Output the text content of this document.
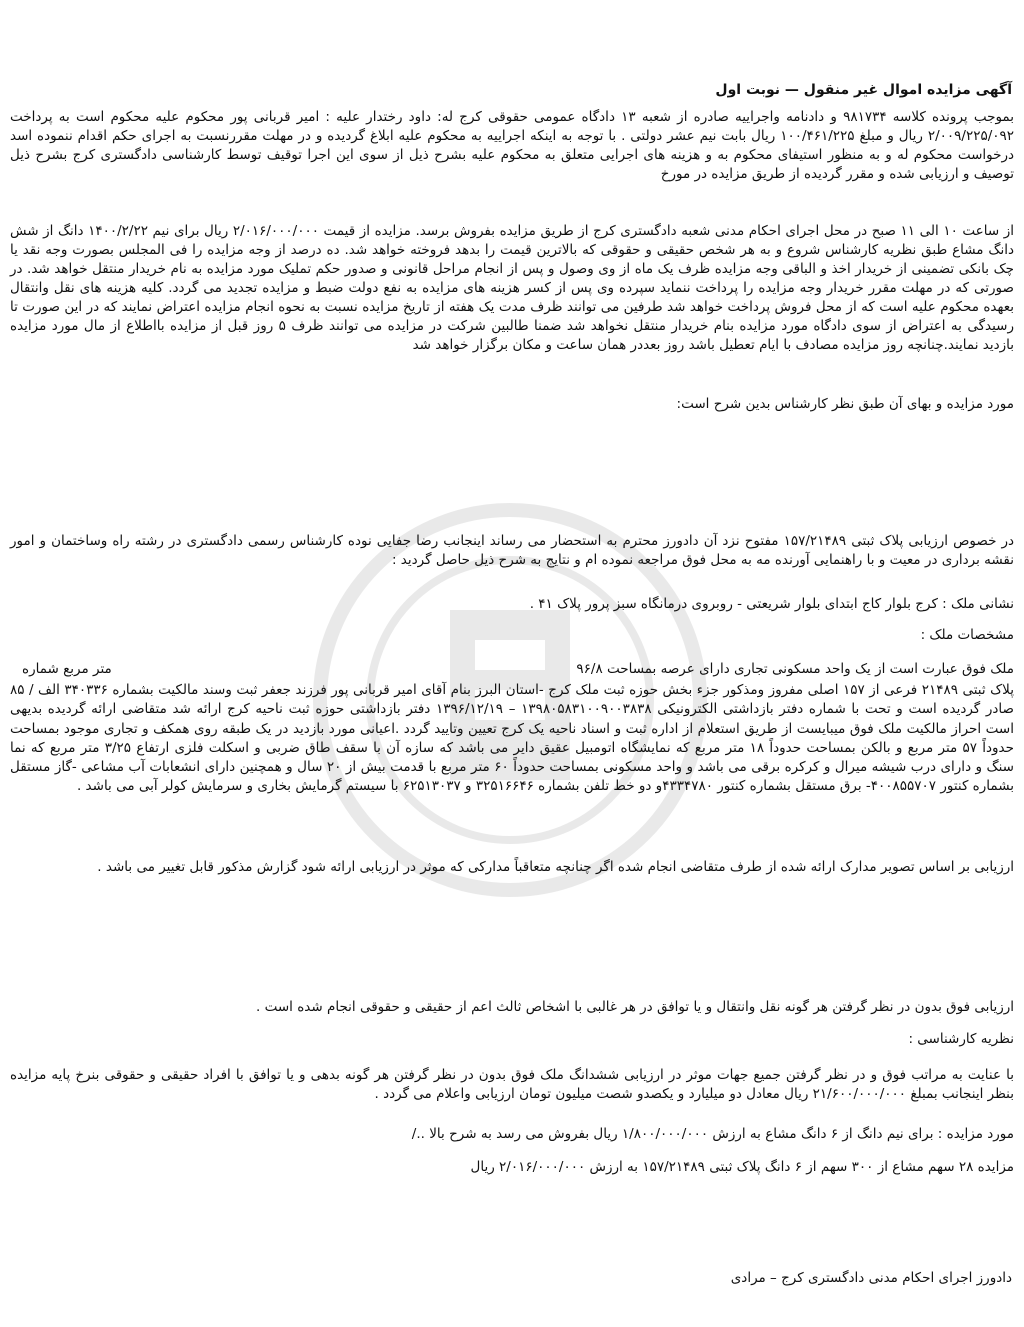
آگهی مزایده اموال غیر منقول — نوبت اول

بموجب پرونده کلاسه ۹۸۱۷۳۴ و دادنامه واجراییه صادره از شعبه ۱۳ دادگاه عمومی حقوقی کرج له: داود رختدار علیه : امیر قربانی پور محکوم علیه محکوم است به پرداخت ۲/۰۰۹/۲۲۵/۰۹۲ ریال و مبلغ ۱۰۰/۴۶۱/۲۲۵ ریال بابت نیم عشر دولتی . با توجه به اینکه اجراییه به محکوم علیه ابلاغ گردیده و در مهلت مقررنسبت به اجرای حکم اقدام ننموده اسد درخواست محکوم له و به منظور استیفای محکوم به و هزینه های اجرایی متعلق به محکوم علیه بشرح ذیل از سوی این اجرا توقیف توسط کارشناسی دادگستری کرج بشرح ذیل توصیف و ارزیابی شده و مقرر گردیده از طریق مزایده در مورخ

از ساعت ۱۰ الی ۱۱ صبح در محل اجرای احکام مدنی شعبه دادگستری کرج از طریق مزایده بفروش برسد. مزایده از قیمت ۲/۰۱۶/۰۰۰/۰۰۰ ریال برای نیم ۱۴۰۰/۲/۲۲ دانگ از شش دانگ مشاع طبق نظریه کارشناس شروع و به هر شخص حقیقی و حقوقی که بالاترین قیمت را بدهد فروخته خواهد شد. ده درصد از وجه مزایده را فی المجلس بصورت وجه نقد یا چک بانکی تضمینی از خریدار اخذ و الباقی وجه مزایده ظرف یک ماه از وی وصول و پس از انجام مراحل قانونی و صدور حکم تملیک مورد مزایده به نام خریدار منتقل خواهد شد. در صورتی که در مهلت مقرر خریدار وجه مزایده را پرداخت ننماید سپرده وی پس از کسر هزینه های مزایده به نفع دولت ضبط و مزایده تجدید می گردد. کلیه هزینه های نقل وانتقال بعهده محکوم علیه است که از محل فروش پرداخت خواهد شد طرفین می توانند ظرف مدت یک هفته از تاریخ مزایده نسبت به نحوه انجام مزایده اعتراض نمایند که در این صورت تا رسیدگی به اعتراض از سوی دادگاه مورد مزایده بنام خریدار منتقل نخواهد شد ضمنا طالبین شرکت در مزایده می توانند ظرف ۵ روز قبل از مزایده بااطلاع از مال مورد مزایده بازدید نمایند.چنانچه روز مزایده مصادف با ایام تعطیل باشد روز بعددر همان ساعت و مکان برگزار خواهد شد

مورد مزایده و بهای آن طبق نظر کارشناس بدین شرح است:

در خصوص ارزیابی پلاک ثبتی ۱۵۷/۲۱۴۸۹ مفتوح نزد آن دادورز محترم به استحضار می رساند اینجانب رضا جفایی نوده کارشناس رسمی دادگستری در رشته راه وساختمان و امور نقشه برداری در معیت و با راهنمایی آورنده مه به محل فوق مراجعه نموده ام و نتایج به شرح ذیل حاصل گردید :

نشانی ملک : کرج بلوار کاج ابتدای بلوار شریعتی - روبروی درمانگاه سبز پرور پلاک ۴۱ .

مشخصات ملک :

ملک فوق عبارت است از یک واحد مسکونی تجاری دارای عرصه بمساحت ۹۶/۸
متر مربع شماره

پلاک ثبتی ۲۱۴۸۹ فرعی از ۱۵۷ اصلی مفروز ومذکور جزء بخش حوزه ثبت ملک کرج -استان البرز بنام آقای امیر قربانی پور فرزند جعفر ثبت وسند مالکیت بشماره ۳۴۰۳۳۶ الف / ۸۵ صادر گردیده است و تحت با شماره دفتر بازداشتی الکترونیکی ۱۳۹۸۰۵۸۳۱۰۰۹۰۰۳۸۳۸ – ۱۳۹۶/۱۲/۱۹ دفتر بازداشتی حوزه ثبت ناحیه کرج ارائه شد متقاضی ارائه گردیده بدیهی است احراز مالکیت ملک فوق میبایست از طریق استعلام از اداره ثبت و اسناد ناحیه یک کرج تعیین وتایید گردد .اعیانی مورد بازدید در یک طبقه روی همکف و تجاری موجود بمساحت حدوداً ۵۷ متر مربع و بالکن بمساحت حدوداً ۱۸ متر مربع که نمایشگاه اتومبیل عقیق دایر می باشد که سازه آن با سقف طاق ضربی و اسکلت فلزی ارتفاع ۳/۲۵ متر مربع که نما سنگ و دارای درب شیشه میرال و کرکره برقی می باشد و واحد مسکونی بمساحت حدوداً ۶۰ متر مربع با قدمت بیش از ۲۰ سال و همچنین دارای انشعابات آب مشاعی -گاز مستقل بشماره کنتور ۴۰۰۸۵۵۷۰۷- برق مستقل بشماره کنتور ۴۳۳۴۷۸۰و دو خط تلفن بشماره ۳۲۵۱۶۶۴۶ و ۶۲۵۱۳۰۳۷ با سیستم گرمایش بخاری و سرمایش کولر آبی می باشد .

ارزیابی بر اساس تصویر مدارک ارائه شده از طرف متقاضی انجام شده اگر چنانچه متعاقباً مدارکی که موثر در ارزیابی ارائه شود گزارش مذکور قابل تغییر می باشد .

ارزیابی فوق بدون در نظر گرفتن هر گونه نقل وانتقال و یا توافق در هر غالبی با اشخاص ثالث اعم از حقیقی و حقوقی انجام شده است .

نظریه کارشناسی :

با عنایت به مراتب فوق و در نظر گرفتن جمیع جهات موثر در ارزیابی ششدانگ ملک فوق بدون در نظر گرفتن هر گونه بدهی و یا توافق با افراد حقیقی و حقوقی بنرخ پایه مزایده بنظر اینجانب بمبلغ ۲۱/۶۰۰/۰۰۰/۰۰۰ ریال معادل دو میلیارد و یکصدو شصت میلیون تومان ارزیابی واعلام می گردد .

مورد مزایده : برای نیم دانگ از ۶ دانگ مشاع به ارزش ۱/۸۰۰/۰۰۰/۰۰۰ ریال بفروش می رسد به شرح بالا ../

مزایده ۲۸ سهم مشاع از ۳۰۰ سهم از ۶ دانگ پلاک ثبتی ۱۵۷/۲۱۴۸۹ به ارزش ۲/۰۱۶/۰۰۰/۰۰۰ ریال

دادورز اجرای احکام مدنی دادگستری کرج – مرادی
